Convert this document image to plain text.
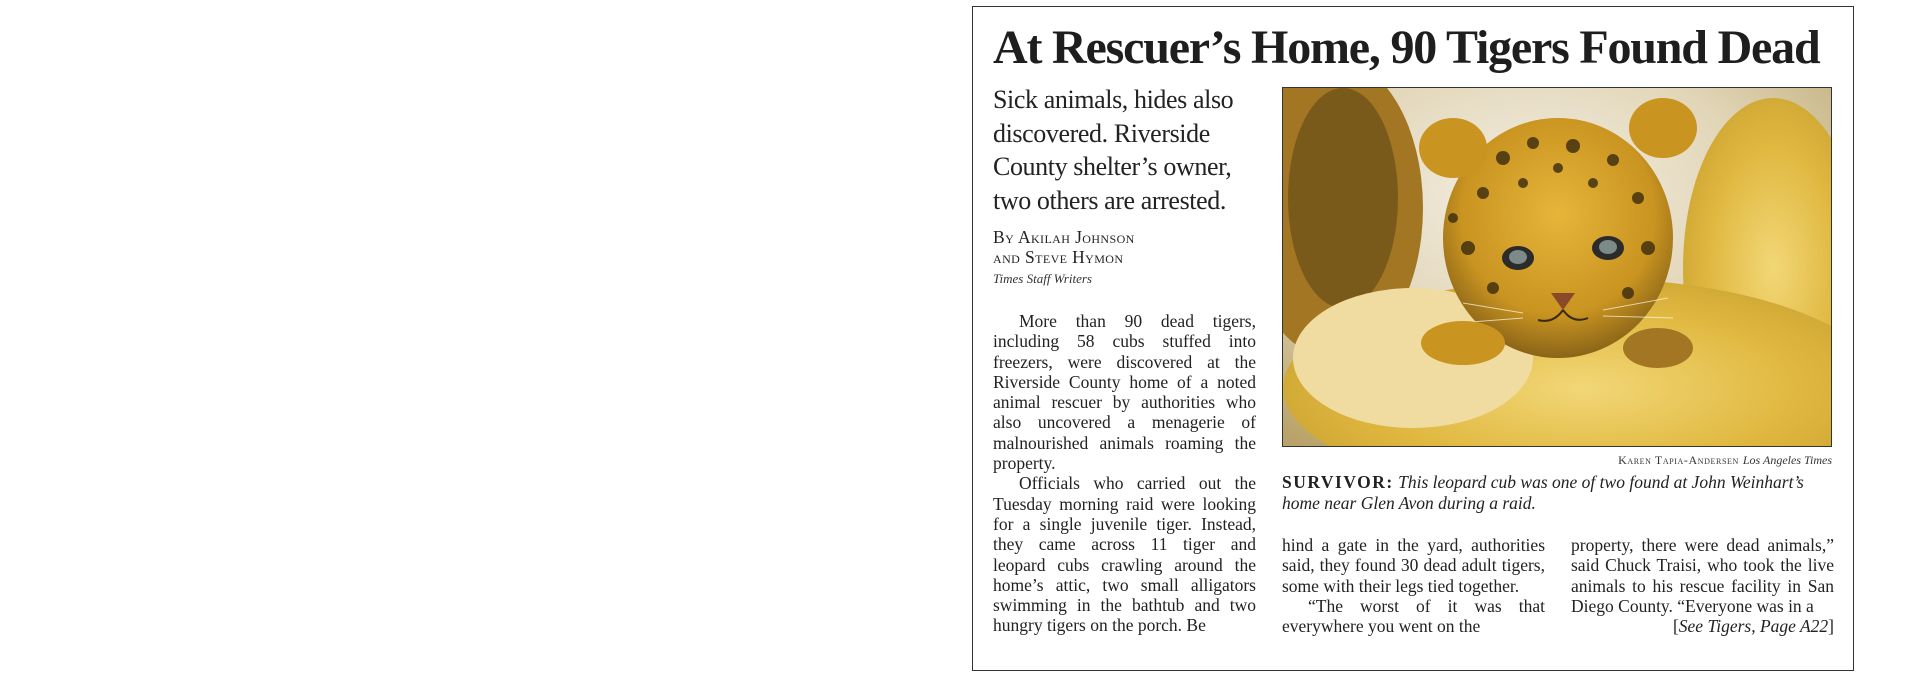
At Rescuer’s Home, 90 Tigers Found Dead
Sick animals, hides also discovered. Riverside County shelter’s owner, two others are arrested.
By Akilah Johnson
and Steve Hymon
Times Staff Writers

More than 90 dead tigers, including 58 cubs stuffed into freezers, were discovered at the Riverside County home of a noted animal rescuer by authorities who also uncovered a menagerie of malnourished animals roaming the property.

Officials who carried out the Tuesday morning raid were looking for a single juvenile tiger. Instead, they came across 11 tiger and leopard cubs crawling around the home’s attic, two small alligators swimming in the bathtub and two hungry tigers on the porch. Be

Karen Tapia-Andersen Los Angeles Times
SURVIVOR: This leopard cub was one of two found at John Weinhart’s home near Glen Avon during a raid.

hind a gate in the yard, authorities said, they found 30 dead adult tigers, some with their legs tied together.

“The worst of it was that everywhere you went on the

property, there were dead animals,” said Chuck Traisi, who took the live animals to his rescue facility in San Diego County. “Everyone was in a

[See Tigers, Page A22]
